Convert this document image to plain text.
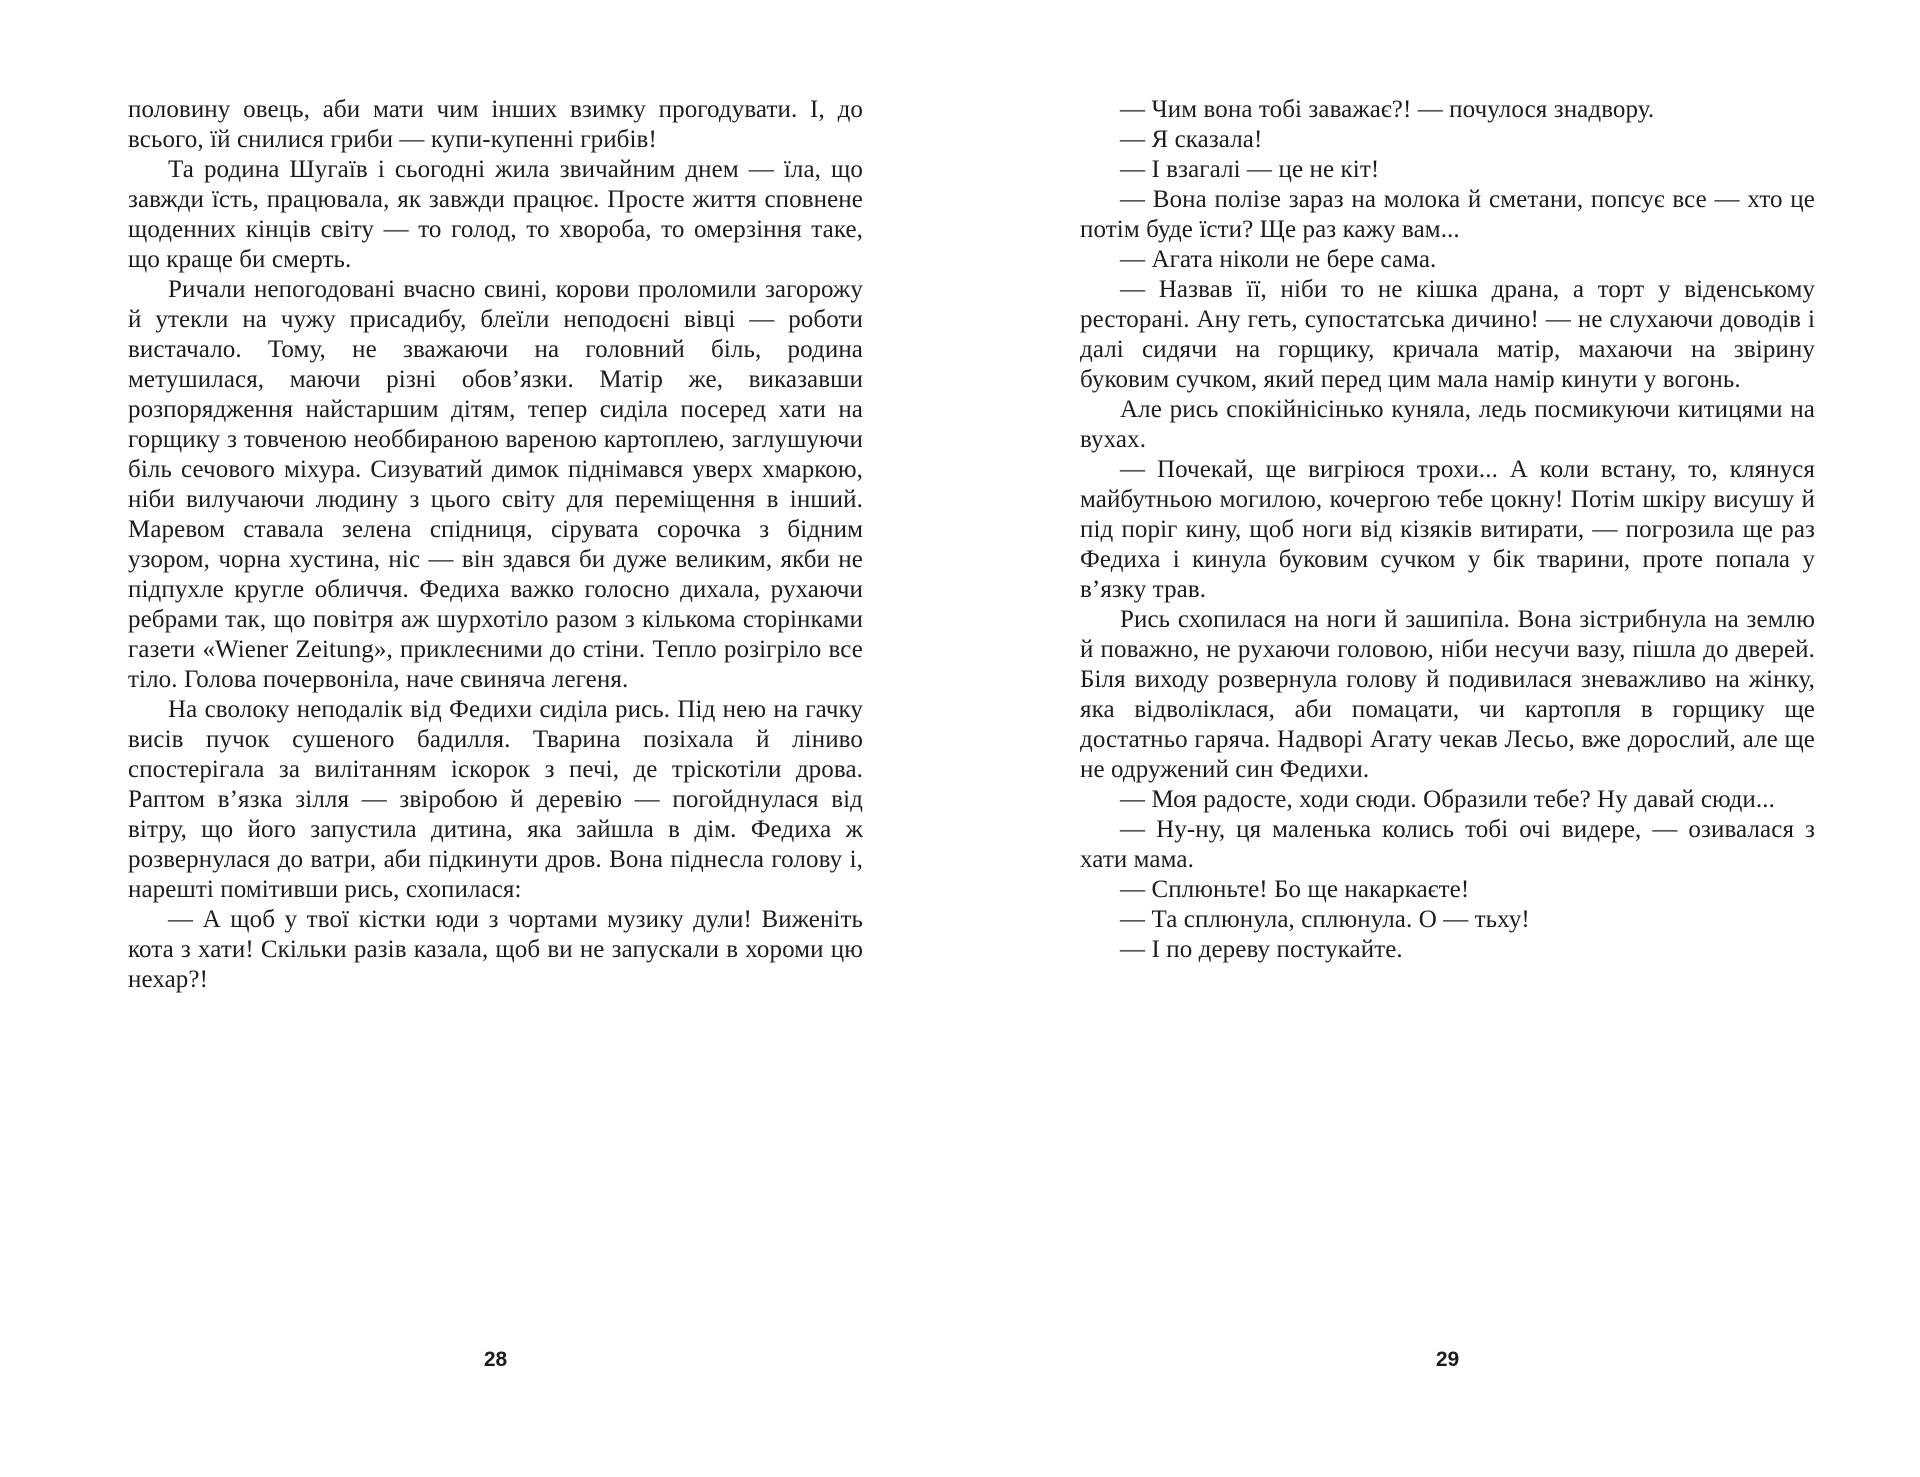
половину овець, аби мати чим інших взимку прогодувати. І, до всього, їй снилися гриби — купи-купенні грибів!

Та родина Шугаїв і сьогодні жила звичайним днем — їла, що завжди їсть, працювала, як завжди працює. Просте життя сповнене щоденних кінців світу — то голод, то хвороба, то омерзіння таке, що краще би смерть.

Ричали непогодовані вчасно свині, корови проломили загорожу й утекли на чужу присадибу, блеїли неподоєні вівці — роботи вистачало. Тому, не зважаючи на головний біль, родина метушилася, маючи різні обов’язки. Матір же, виказавши розпорядження найстаршим дітям, тепер сиділа посеред хати на горщику з товченою необбираною вареною картоплею, заглушуючи біль сечового міхура. Сизуватий димок піднімався уверх хмаркою, ніби вилучаючи людину з цього світу для переміщення в інший. Маревом ставала зелена спідниця, сірувата сорочка з бідним узором, чорна хустина, ніс — він здався би дуже великим, якби не підпухле кругле обличчя. Федиха важко голосно дихала, рухаючи ребрами так, що повітря аж шурхотіло разом з кількома сторінками газети «Wiener Zeitung», приклеєними до стіни. Тепло розігріло все тіло. Голова почервоніла, наче свиняча легеня.

На сволоку неподалік від Федихи сиділа рись. Під нею на гачку висів пучок сушеного бадилля. Тварина позіхала й ліниво спостерігала за вилітанням іскорок з печі, де тріскотіли дрова. Раптом в’язка зілля — звіробою й деревію — погойднулася від вітру, що його запустила дитина, яка зайшла в дім. Федиха ж розвернулася до ватри, аби підкинути дров. Вона піднесла голову і, нарешті помітивши рись, схопилася:

— А щоб у твої кістки юди з чортами музику дули! Виженіть кота з хати! Скільки разів казала, щоб ви не запускали в хороми цю нехар?!

— Чим вона тобі заважає?! — почулося знадвору.

— Я сказала!

— І взагалі — це не кіт!

— Вона полізе зараз на молока й сметани, попсує все — хто це потім буде їсти? Ще раз кажу вам...

— Агата ніколи не бере сама.

— Назвав її, ніби то не кішка драна, а торт у віденському ресторані. Ану геть, супостатська дичино! — не слухаючи доводів і далі сидячи на горщику, кричала матір, махаючи на звірину буковим сучком, який перед цим мала намір кинути у вогонь.

Але рись спокійнісінько куняла, ледь посмикуючи китицями на вухах.

— Почекай, ще вигріюся трохи... А коли встану, то, клянуся майбутньою могилою, кочергою тебе цокну! Потім шкіру висушу й під поріг кину, щоб ноги від кізяків витирати, — погрозила ще раз Федиха і кинула буковим сучком у бік тварини, проте попала у в’язку трав.

Рись схопилася на ноги й зашипіла. Вона зістрибнула на землю й поважно, не рухаючи головою, ніби несучи вазу, пішла до дверей. Біля виходу розвернула голову й подивилася зневажливо на жінку, яка відволіклася, аби помацати, чи картопля в горщику ще достатньо гаряча. Надворі Агату чекав Лесьо, вже дорослий, але ще не одружений син Федихи.

— Моя радосте, ходи сюди. Образили тебе? Ну давай сюди...

— Ну-ну, ця маленька колись тобі очі видере, — озивалася з хати мама.

— Сплюньте! Бо ще накаркаєте!

— Та сплюнула, сплюнула. О — тьху!

— І по дереву постукайте.

28	29
